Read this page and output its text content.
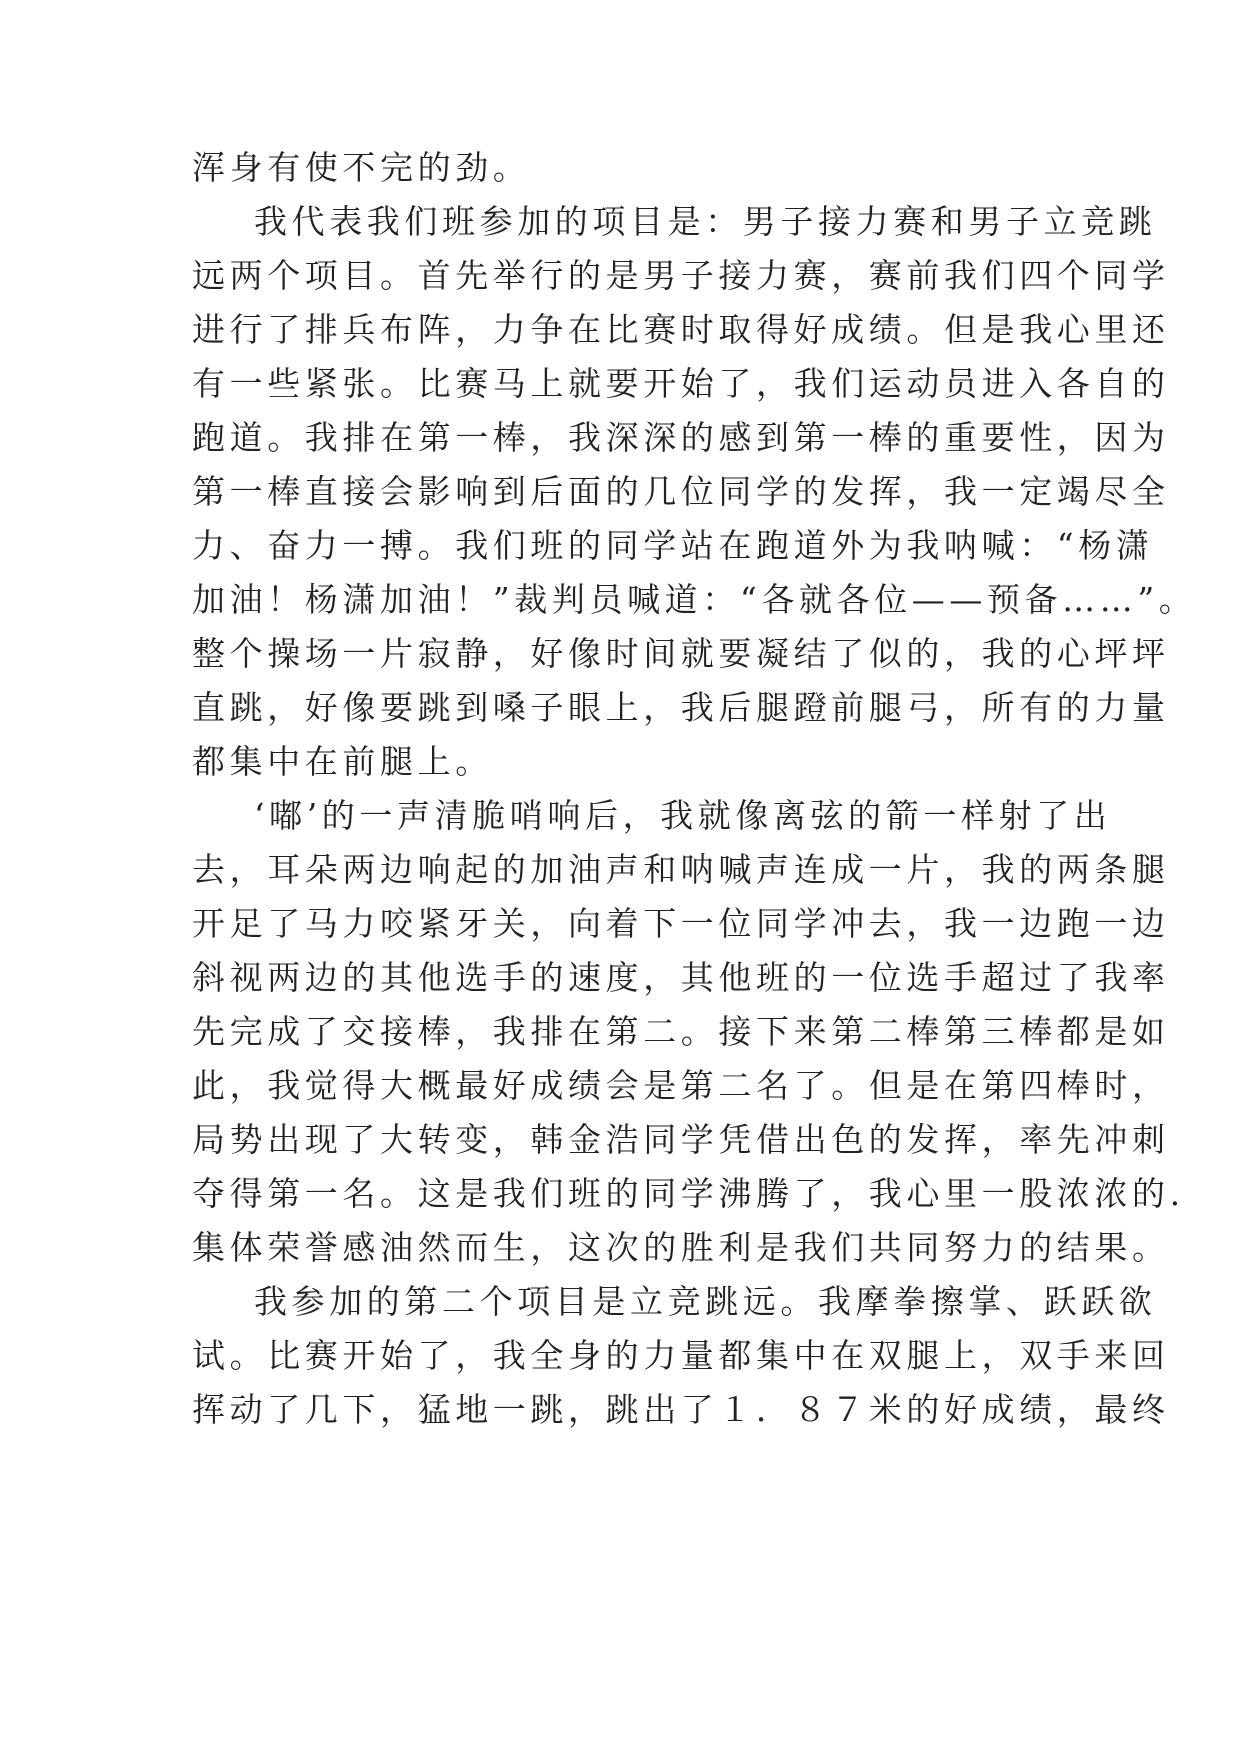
浑身有使不完的劲。
我代表我们班参加的项目是：男子接力赛和男子立竞跳
远两个项目。首先举行的是男子接力赛，赛前我们四个同学
进行了排兵布阵，力争在比赛时取得好成绩。但是我心里还
有一些紧张。比赛马上就要开始了，我们运动员进入各自的
跑道。我排在第一棒，我深深的感到第一棒的重要性，因为
第一棒直接会影响到后面的几位同学的发挥，我一定竭尽全
力、奋力一搏。我们班的同学站在跑道外为我呐喊：“杨潇
加油！杨潇加油！”裁判员喊道：“各就各位——预备……”。
整个操场一片寂静，好像时间就要凝结了似的，我的心坪坪
直跳，好像要跳到嗓子眼上，我后腿蹬前腿弓，所有的力量
都集中在前腿上。
‘嘟’的一声清脆哨响后，我就像离弦的箭一样射了出
去，耳朵两边响起的加油声和呐喊声连成一片，我的两条腿
开足了马力咬紧牙关，向着下一位同学冲去，我一边跑一边
斜视两边的其他选手的速度，其他班的一位选手超过了我率
先完成了交接棒，我排在第二。接下来第二棒第三棒都是如
此，我觉得大概最好成绩会是第二名了。但是在第四棒时，
局势出现了大转变，韩金浩同学凭借出色的发挥，率先冲刺
夺得第一名。这是我们班的同学沸腾了，我心里一股浓浓的.
集体荣誉感油然而生，这次的胜利是我们共同努力的结果。
我参加的第二个项目是立竞跳远。我摩拳擦掌、跃跃欲
试。比赛开始了，我全身的力量都集中在双腿上，双手来回
挥动了几下，猛地一跳，跳出了１．８７米的好成绩，最终
